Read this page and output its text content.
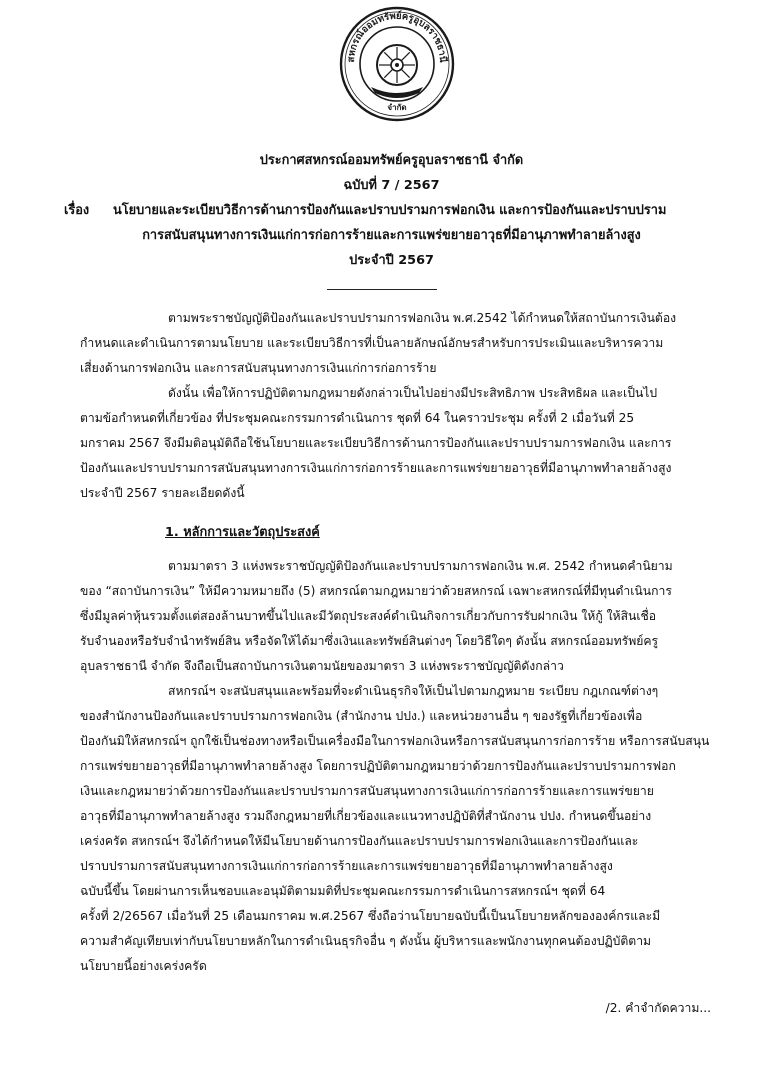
สหกรณ์ออมทรัพย์ครูอุบลราชธานี
จำกัด
ประกาศสหกรณ์ออมทรัพย์ครูอุบลราชธานี จำกัด
ฉบับที่ 7 / 2567
เรื่อง นโยบายและระเบียบวิธีการด้านการป้องกันและปราบปรามการฟอกเงิน และการป้องกันและปราบปราม
การสนับสนุนทางการเงินแก่การก่อการร้ายและการแพร่ขยายอาวุธที่มีอานุภาพทำลายล้างสูง
ประจำปี 2567
ตามพระราชบัญญัติป้องกันและปราบปรามการฟอกเงิน พ.ศ.2542 ได้กำหนดให้สถาบันการเงินต้อง
กำหนดและดำเนินการตามนโยบาย และระเบียบวิธีการที่เป็นลายลักษณ์อักษรสำหรับการประเมินและบริหารความ
เสี่ยงด้านการฟอกเงิน และการสนับสนุนทางการเงินแก่การก่อการร้าย
ดังนั้น เพื่อให้การปฏิบัติตามกฎหมายดังกล่าวเป็นไปอย่างมีประสิทธิภาพ ประสิทธิผล และเป็นไป
ตามข้อกำหนดที่เกี่ยวข้อง ที่ประชุมคณะกรรมการดำเนินการ ชุดที่ 64 ในคราวประชุม ครั้งที่ 2 เมื่อวันที่ 25
มกราคม 2567 จึงมีมติอนุมัติถือใช้นโยบายและระเบียบวิธีการด้านการป้องกันและปราบปรามการฟอกเงิน และการ
ป้องกันและปราบปรามการสนับสนุนทางการเงินแก่การก่อการร้ายและการแพร่ขยายอาวุธที่มีอานุภาพทำลายล้างสูง
ประจำปี 2567 รายละเอียดดังนี้
1. หลักการและวัตถุประสงค์
ตามมาตรา 3 แห่งพระราชบัญญัติป้องกันและปราบปรามการฟอกเงิน พ.ศ. 2542 กำหนดคำนิยาม
ของ “สถาบันการเงิน” ให้มีความหมายถึง (5) สหกรณ์ตามกฎหมายว่าด้วยสหกรณ์ เฉพาะสหกรณ์ที่มีทุนดำเนินการ
ซึ่งมีมูลค่าหุ้นรวมตั้งแต่สองล้านบาทขึ้นไปและมีวัตถุประสงค์ดำเนินกิจการเกี่ยวกับการรับฝากเงิน ให้กู้ ให้สินเชื่อ
รับจำนองหรือรับจำนำทรัพย์สิน หรือจัดให้ได้มาซึ่งเงินและทรัพย์สินต่างๆ โดยวิธีใดๆ ดังนั้น สหกรณ์ออมทรัพย์ครู
อุบลราชธานี จำกัด จึงถือเป็นสถาบันการเงินตามนัยของมาตรา 3 แห่งพระราชบัญญัติดังกล่าว
สหกรณ์ฯ จะสนับสนุนและพร้อมที่จะดำเนินธุรกิจให้เป็นไปตามกฎหมาย ระเบียบ กฎเกณฑ์ต่างๆ
ของสำนักงานป้องกันและปราบปรามการฟอกเงิน (สำนักงาน ปปง.) และหน่วยงานอื่น ๆ ของรัฐที่เกี่ยวข้องเพื่อ
ป้องกันมิให้สหกรณ์ฯ ถูกใช้เป็นช่องทางหรือเป็นเครื่องมือในการฟอกเงินหรือการสนับสนุนการก่อการร้าย หรือการสนับสนุน
การแพร่ขยายอาวุธที่มีอานุภาพทำลายล้างสูง โดยการปฏิบัติตามกฎหมายว่าด้วยการป้องกันและปราบปรามการฟอก
เงินและกฎหมายว่าด้วยการป้องกันและปราบปรามการสนับสนุนทางการเงินแก่การก่อการร้ายและการแพร่ขยาย
อาวุธที่มีอานุภาพทำลายล้างสูง รวมถึงกฎหมายที่เกี่ยวข้องและแนวทางปฏิบัติที่สำนักงาน ปปง. กำหนดขึ้นอย่าง
เคร่งครัด สหกรณ์ฯ จึงได้กำหนดให้มีนโยบายด้านการป้องกันและปราบปรามการฟอกเงินและการป้องกันและ
ปราบปรามการสนับสนุนทางการเงินแก่การก่อการร้ายและการแพร่ขยายอาวุธที่มีอานุภาพทำลายล้างสูง
ฉบับนี้ขึ้น โดยผ่านการเห็นชอบและอนุมัติตามมติที่ประชุมคณะกรรมการดำเนินการสหกรณ์ฯ ชุดที่ 64
ครั้งที่ 2/26567 เมื่อวันที่ 25 เดือนมกราคม พ.ศ.2567 ซึ่งถือว่านโยบายฉบับนี้เป็นนโยบายหลักขององค์กรและมี
ความสำคัญเทียบเท่ากับนโยบายหลักในการดำเนินธุรกิจอื่น ๆ ดังนั้น ผู้บริหารและพนักงานทุกคนต้องปฏิบัติตาม
นโยบายนี้อย่างเคร่งครัด
/2. คำจำกัดความ...
